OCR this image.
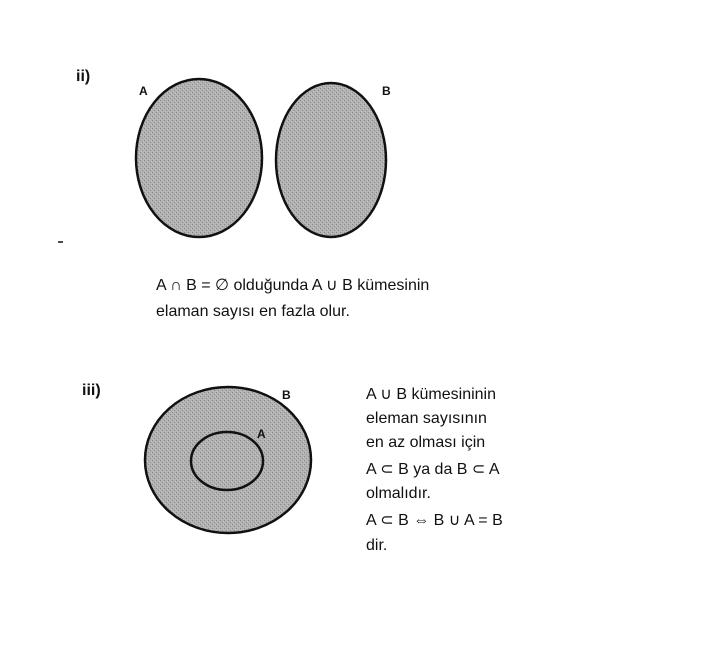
ii)
A	B
A ∩ B = ∅ olduğunda A ∪ B kümesinin
elaman sayısı en fazla olur.
iii)	B
A
A ∪ B kümesininin
eleman sayısının
en az olması için
A ⊂ B ya da B ⊂ A
olmalıdır.
A ⊂ B ⇔ B ∪ A = B
dir.
